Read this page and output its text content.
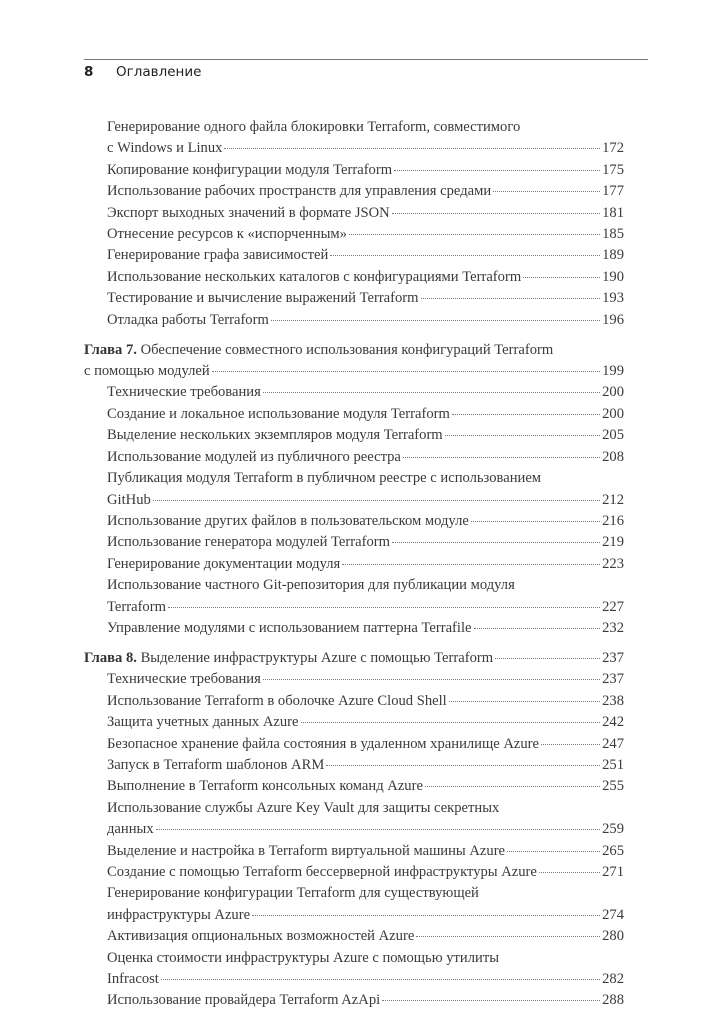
8 Оглавление
Генерирование одного файла блокировки Terraform, совместимого
с Windows и Linux	172
Копирование конфигурации модуля Terraform	175
Использование рабочих пространств для управления средами	177
Экспорт выходных значений в формате JSON	181
Отнесение ресурсов к «испорченным»	185
Генерирование графа зависимостей	189
Использование нескольких каталогов с конфигурациями Terraform	190
Тестирование и вычисление выражений Terraform	193
Отладка работы Terraform	196
Глава 7. Обеспечение совместного использования конфигураций Terraform
с помощью модулей	199
Технические требования	200
Создание и локальное использование модуля Terraform	200
Выделение нескольких экземпляров модуля Terraform	205
Использование модулей из публичного реестра	208
Публикация модуля Terraform в публичном реестре с использованием
GitHub	212
Использование других файлов в пользовательском модуле	216
Использование генератора модулей Terraform	219
Генерирование документации модуля	223
Использование частного Git-репозитория для публикации модуля
Terraform	227
Управление модулями с использованием паттерна Terrafile	232
Глава 8.
Выделение инфраструктуры Azure с помощью Terraform	237
Технические требования	237
Использование Terraform в оболочке Azure Cloud Shell	238
Защита учетных данных Azure	242
Безопасное хранение файла состояния в удаленном хранилище Azure	247
Запуск в Terraform шаблонов ARM	251
Выполнение в Terraform консольных команд Azure	255
Использование службы Azure Key Vault для защиты секретных
данных	259
Выделение и настройка в Terraform виртуальной машины Azure	265
Создание с помощью Terraform бессерверной инфраструктуры Azure	271
Генерирование конфигурации Terraform для существующей
инфраструктуры Azure	274
Активизация опциональных возможностей Azure	280
Оценка стоимости инфраструктуры Azure с помощью утилиты
Infracost	282
Использование провайдера Terraform AzApi	288
